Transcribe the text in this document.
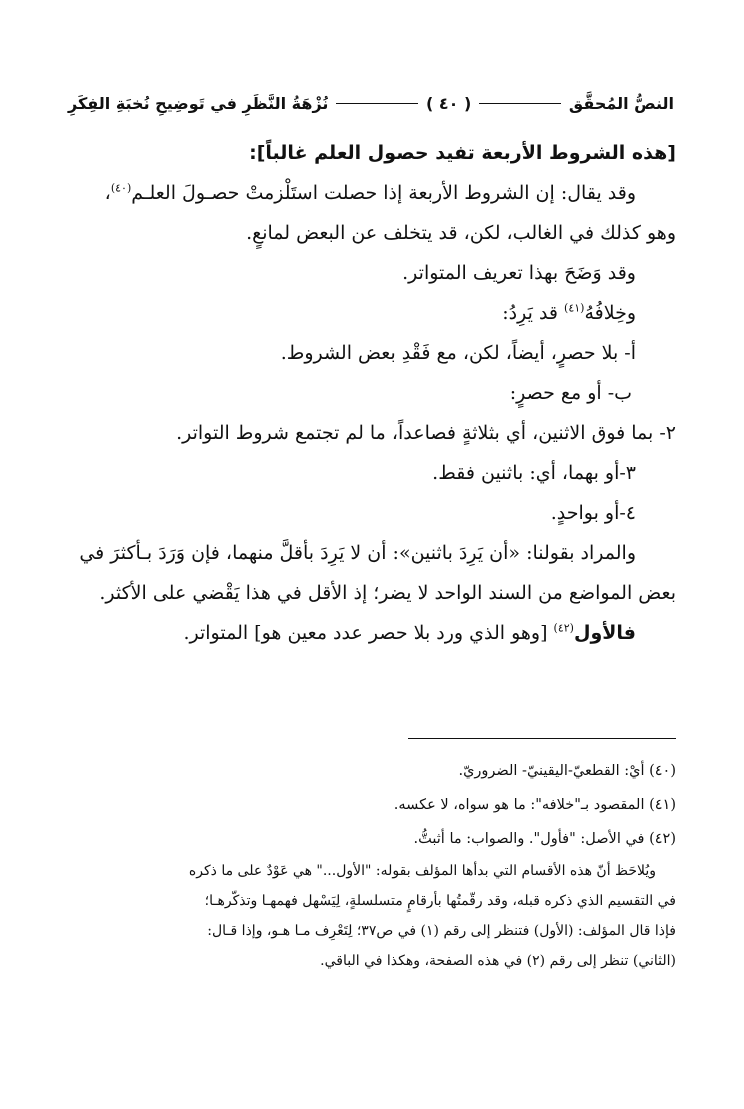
النصُّ المُحقَّق
( ٤٠ )
نُزْهَةُ النَّظَرِ في تَوضِيحِ نُخبَةِ الفِكَرِ
[هذه الشروط الأربعة تفيد حصول العلم غالباً]:
وقد يقال: إن الشروط الأربعة إذا حصلت استَلْزمتْ حصـولَ العلـم$^{(٤٠)}$،
وهو كذلك في الغالب، لكن، قد يتخلف عن البعض لمانعٍ.
وقد وَضَحَ بهذا تعريف المتواتر.
وخِلافُهُ$^{(٤١)}$ قد يَرِدُ:
أ- بلا حصرٍ، أيضاً، لكن، مع فَقْدِ بعض الشروط.
ب- أو مع حصرٍ:
٢- بما فوق الاثنين، أي بثلاثةٍ فصاعداً، ما لم تجتمع شروط التواتر.
٣-أو بهما، أي: باثنين فقط.
٤-أو بواحدٍ.
والمراد بقولنا: «أن يَرِدَ باثنين»: أن لا يَرِدَ بأقلَّ منهما، فإن وَرَدَ بـأكثرَ في
بعض المواضع من السند الواحد لا يضر؛ إذ الأقل في هذا يَقْضي على الأكثر.
فالأول$^{(٤٢)}$ [وهو الذي ورد بلا حصر عدد معين هو] المتواتر.
(٤٠) أيْ: القطعيّ-اليقينيّ- الضروريّ.
(٤١) المقصود بـ"خلافه": ما هو سواه، لا عكسه.
(٤٢) في الأصل: "فأول". والصواب: ما أثبتُّ.
ويُلاحَظ أنّ هذه الأقسام التي بدأها المؤلف بقوله: "الأول..." هي عَوْدٌ على ما ذكره
في التقسيم الذي ذكره قبله، وقد رقّمتُها بأرقامٍ متسلسلةٍ، لِيَسْهل فهمهـا وتذكّرهـا؛
فإذا قال المؤلف: (الأول) فتنظر إلى رقم (١) في ص٣٧؛ لِتَعْرِف مـا هـو، وإذا قـال:
(الثاني) تنظر إلى رقم (٢) في هذه الصفحة، وهكذا في الباقي.
